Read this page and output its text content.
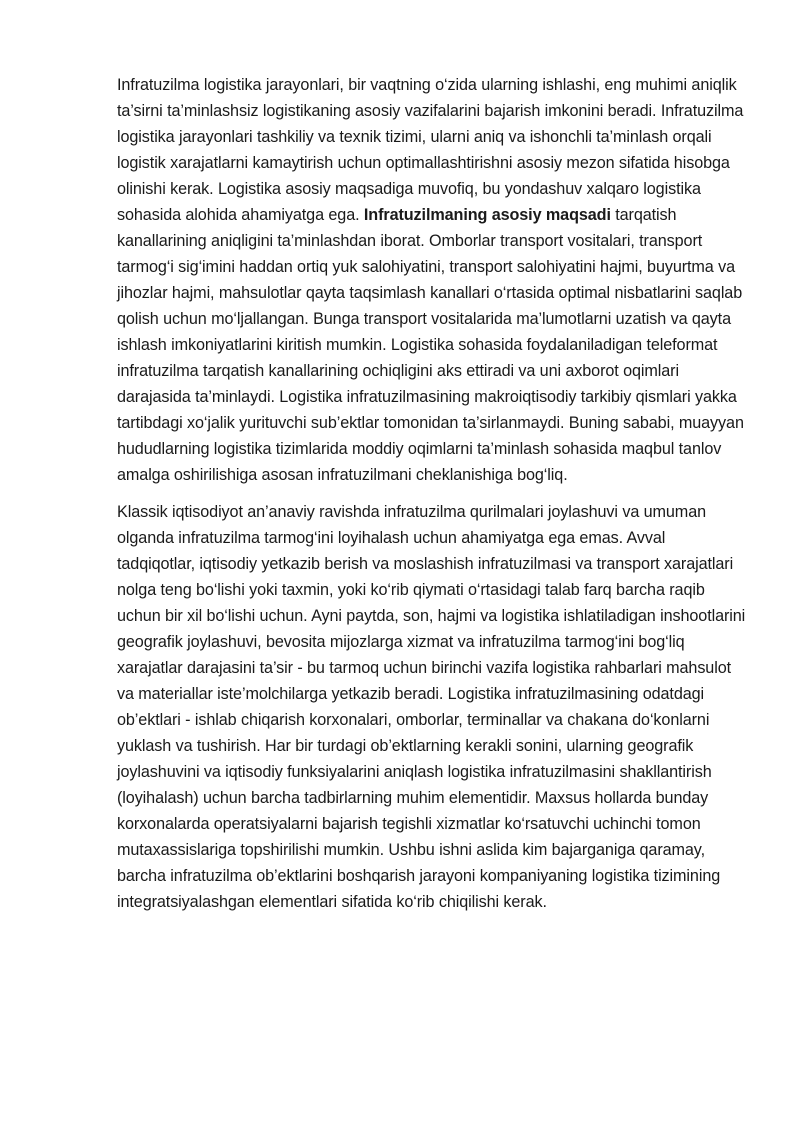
Infratuzilma logistika jarayonlari, bir vaqtning o‘zida ularning ishlashi, eng muhimi aniqlik ta’sirni ta’minlashsiz logistikaning asosiy vazifalarini bajarish imkonini beradi. Infratuzilma logistika jarayonlari tashkiliy va texnik tizimi, ularni aniq va ishonchli ta’minlash orqali logistik xarajatlarni kamaytirish uchun optimallashtirishni asosiy mezon sifatida hisobga olinishi kerak. Logistika asosiy maqsadiga muvofiq, bu yondashuv xalqaro logistika sohasida alohida ahamiyatga ega. Infratuzilmaning asosiy maqsadi tarqatish kanallarining aniqligini ta’minlashdan iborat. Omborlar transport vositalari, transport tarmog‘i sig‘imini haddan ortiq yuk salohiyatini, transport salohiyatini hajmi, buyurtma va jihozlar hajmi, mahsulotlar qayta taqsimlash kanallari o‘rtasida optimal nisbatlarini saqlab qolish uchun mo‘ljallangan. Bunga transport vositalarida ma’lumotlarni uzatish va qayta ishlash imkoniyatlarini kiritish mumkin. Logistika sohasida foydalaniladigan teleformat infratuzilma tarqatish kanallarining ochiqligini aks ettiradi va uni axborot oqimlari darajasida ta’minlaydi. Logistika infratuzilmasining makroiqtisodiy tarkibiy qismlari yakka tartibdagi xo‘jalik yurituvchi sub’ektlar tomonidan ta’sirlanmaydi. Buning sababi, muayyan hududlarning logistika tizimlarida moddiy oqimlarni ta’minlash sohasida maqbul tanlov amalga oshirilishiga asosan infratuzilmani cheklanishiga bog‘liq.

Klassik iqtisodiyot an’anaviy ravishda infratuzilma qurilmalari joylashuvi va umuman olganda infratuzilma tarmog‘ini loyihalash uchun ahamiyatga ega emas. Avval tadqiqotlar, iqtisodiy yetkazib berish va moslashish infratuzilmasi va transport xarajatlari nolga teng bo‘lishi yoki taxmin, yoki ko‘rib qiymati o‘rtasidagi talab farq barcha raqib uchun bir xil bo‘lishi uchun. Ayni paytda, son, hajmi va logistika ishlatiladigan inshootlarini geografik joylashuvi, bevosita mijozlarga xizmat va infratuzilma tarmog‘ini bog‘liq xarajatlar darajasini ta’sir - bu tarmoq uchun birinchi vazifa logistika rahbarlari mahsulot va materiallar iste’molchilarga yetkazib beradi. Logistika infratuzilmasining odatdagi ob’ektlari - ishlab chiqarish korxonalari, omborlar, terminallar va chakana do‘konlarni yuklash va tushirish. Har bir turdagi ob’ektlarning kerakli sonini, ularning geografik joylashuvini va iqtisodiy funksiyalarini aniqlash logistika infratuzilmasini shakllantirish (loyihalash) uchun barcha tadbirlarning muhim elementidir. Maxsus hollarda bunday korxonalarda operatsiyalarni bajarish tegishli xizmatlar ko‘rsatuvchi uchinchi tomon mutaxassislariga topshirilishi mumkin. Ushbu ishni aslida kim bajarganiga qaramay, barcha infratuzilma ob’ektlarini boshqarish jarayoni kompaniyaning logistika tizimining integratsiyalashgan elementlari sifatida ko‘rib chiqilishi kerak.
